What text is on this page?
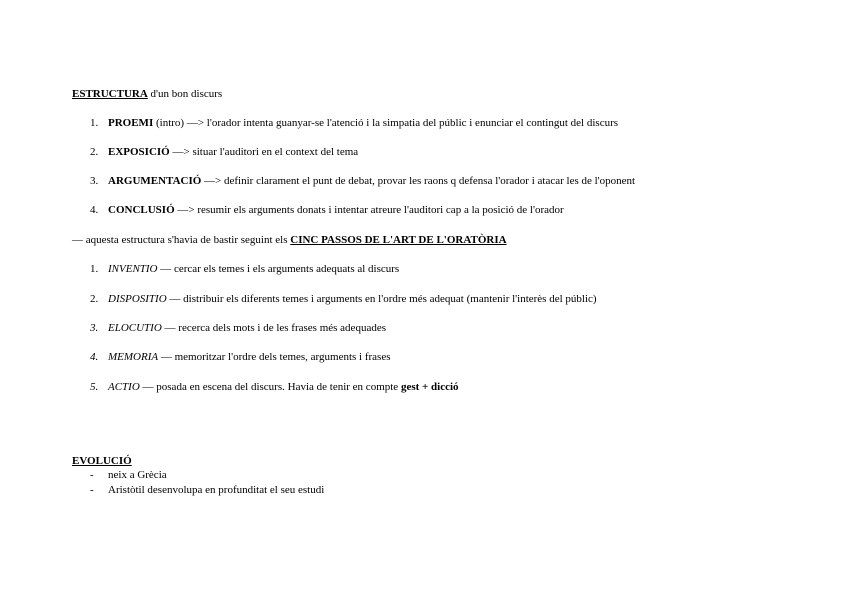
ESTRUCTURA d'un bon discurs
1. PROEMI (intro) —> l'orador intenta guanyar-se l'atenció i la simpatia del públic i enunciar el contingut del discurs
2. EXPOSICIÓ —> situar l'auditori en el context del tema
3. ARGUMENTACIÓ —> definir clarament el punt de debat, provar les raons q defensa l'orador i atacar les de l'oponent
4. CONCLUSIÓ —> resumir els arguments donats i intentar atreure l'auditori cap a la posició de l'orador
— aquesta estructura s'havia de bastir seguint els CINC PASSOS DE L'ART DE L'ORATÒRIA
1. INVENTIO — cercar els temes i els arguments adequats al discurs
2. DISPOSITIO — distribuir els diferents temes i arguments en l'ordre més adequat (mantenir l'interès del públic)
3. ELOCUTIO — recerca dels mots i de les frases més adequades
4. MEMORIA — memoritzar l'ordre dels temes, arguments i frases
5. ACTIO — posada en escena del discurs. Havia de tenir en compte gest + dicció
EVOLUCIÓ
- neix a Grècia
- Aristòtil desenvolupa en profunditat el seu estudi
